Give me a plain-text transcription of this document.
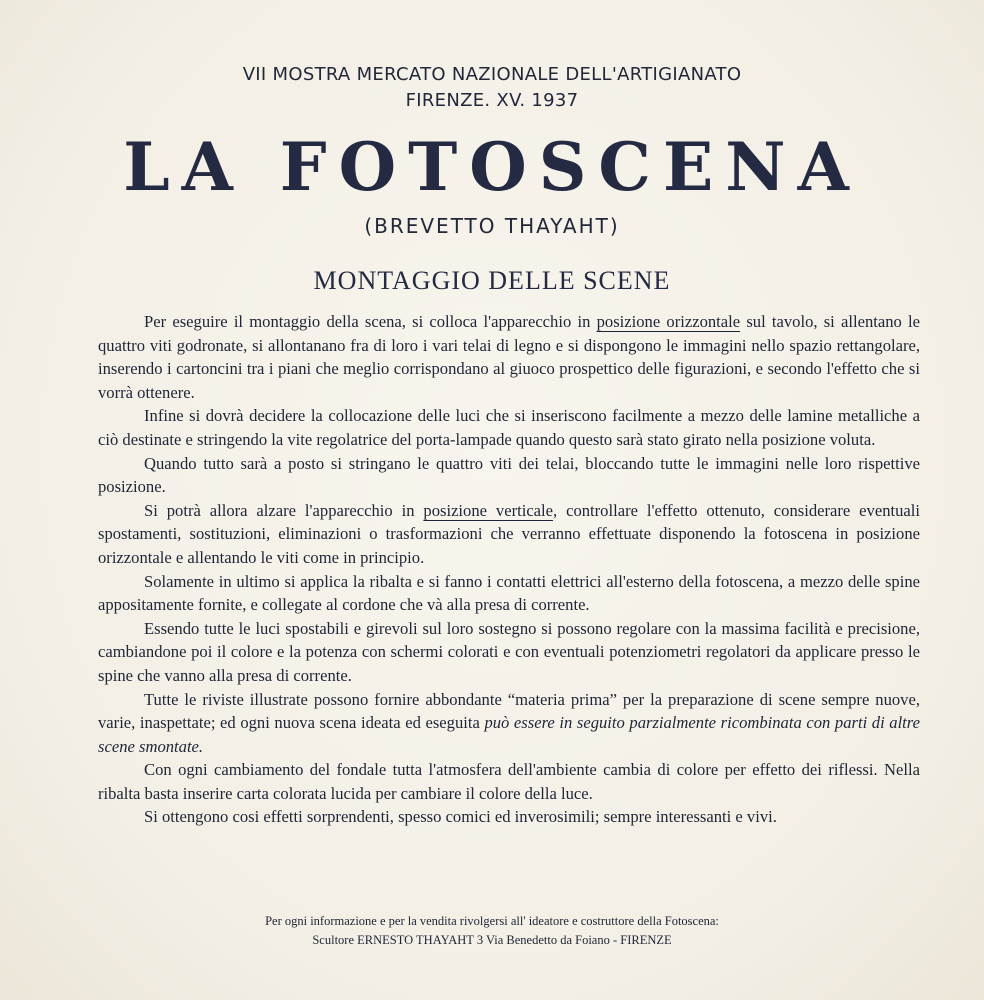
VII MOSTRA MERCATO NAZIONALE DELL'ARTIGIANATO
FIRENZE. XV. 1937
LA FOTOSCENA
(BREVETTO THAYAHT)
MONTAGGIO DELLE SCENE

Per eseguire il montaggio della scena, si colloca l'apparecchio in posizione orizzontale sul tavolo, si allentano le quattro viti godronate, si allontanano fra di loro i vari telai di legno e si dispongono le immagini nello spazio rettangolare, inserendo i cartoncini tra i piani che meglio corrispondano al giuoco prospettico delle figurazioni, e secondo l'effetto che si vorrà ottenere.

Infine si dovrà decidere la collocazione delle luci che si inseriscono facilmente a mezzo delle lamine metalliche a ciò destinate e stringendo la vite regolatrice del porta-lampade quando questo sarà stato girato nella posizione voluta.

Quando tutto sarà a posto si stringano le quattro viti dei telai, bloccando tutte le immagini nelle loro rispettive posizione.

Si potrà allora alzare l'apparecchio in posizione verticale, controllare l'effetto ottenuto, considerare eventuali spostamenti, sostituzioni, eliminazioni o trasformazioni che verranno effettuate disponendo la fotoscena in posizione orizzontale e allentando le viti come in principio.

Solamente in ultimo si applica la ribalta e si fanno i contatti elettrici all'esterno della fotoscena, a mezzo delle spine appositamente fornite, e collegate al cordone che và alla presa di corrente.

Essendo tutte le luci spostabili e girevoli sul loro sostegno si possono regolare con la massima facilità e precisione, cambiandone poi il colore e la potenza con schermi colorati e con eventuali potenziometri regolatori da applicare presso le spine che vanno alla presa di corrente.

Tutte le riviste illustrate possono fornire abbondante “materia prima” per la preparazione di scene sempre nuove, varie, inaspettate; ed ogni nuova scena ideata ed eseguita può essere in seguito parzialmente ricombinata con parti di altre scene smontate.

Con ogni cambiamento del fondale tutta l'atmosfera dell'ambiente cambia di colore per effetto dei riflessi. Nella ribalta basta inserire carta colorata lucida per cambiare il colore della luce.

Si ottengono cosi effetti sorprendenti, spesso comici ed inverosimili; sempre interessanti e vivi.

Per ogni informazione e per la vendita rivolgersi all' ideatore e costruttore della Fotoscena:
Scultore ERNESTO THAYAHT 3 Via Benedetto da Foiano - FIRENZE
